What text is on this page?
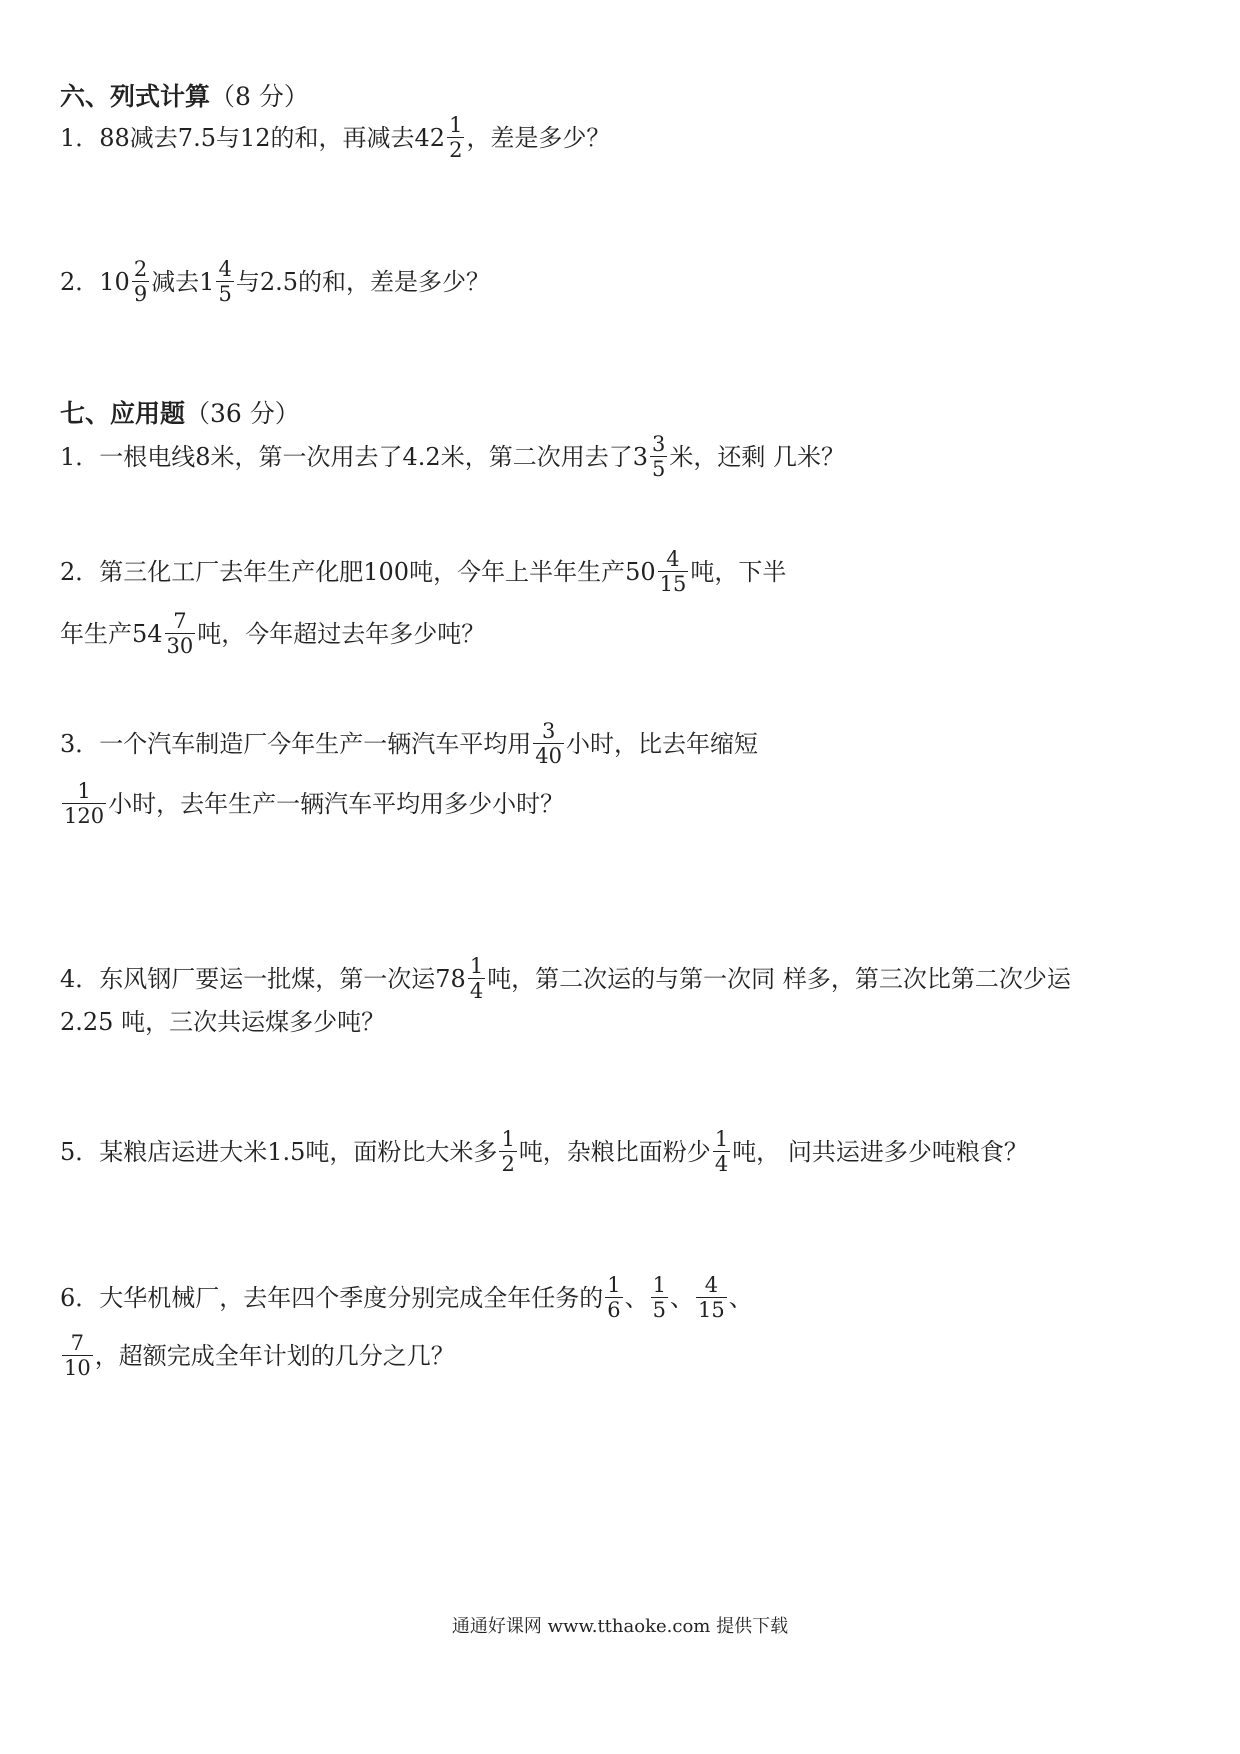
六、列式计算 （8 分）
1．88减去7.5与12的和，再减去$42 \frac{1}{2}$ ，差是多少？
2．$10 \frac{2}{9}$ 减去$1 \frac{4}{5}$ 与2.5的和，差是多少？
七、应用题 （36 分）
1．一根电线8米，第一次用去了4.2米，第二次用去了$3 \frac{3}{5}$ 米，还剩 几米？
2．第三化工厂去年生产化肥100吨，今年上半年生产$50 \frac{4}{15}$ 吨，下半
年生产$54 \frac{7}{30}$ 吨，今年超过去年多少吨？
3．一个汽车制造厂今年生产一辆汽车平均用 $\frac{3}{40}$ 小时，比去年缩短
$\frac{1}{120}$ 小时，去年生产一辆汽车平均用多少小时？
4．东风钢厂要运一批煤，第一次运$78 \frac{1}{4}$ 吨，第二次运的与第一次同 样多，第三次比第二次少运
2.25 吨，三次共运煤多少吨？
5．某粮店运进大米1.5吨，面粉比大米多 $\frac{1}{2}$ 吨，杂粮比面粉少 $\frac{1}{4}$ 吨， 问共运进多少吨粮食？
6．大华机械厂，去年四个季度分别完成全年任务的 $\frac{1}{6}$ 、 $\frac{1}{5}$ 、 $\frac{4}{15}$ 、
$\frac{7}{10}$ ，超额完成全年计划的几分之几？
通通好课网 www.tthaoke.com 提供下载
